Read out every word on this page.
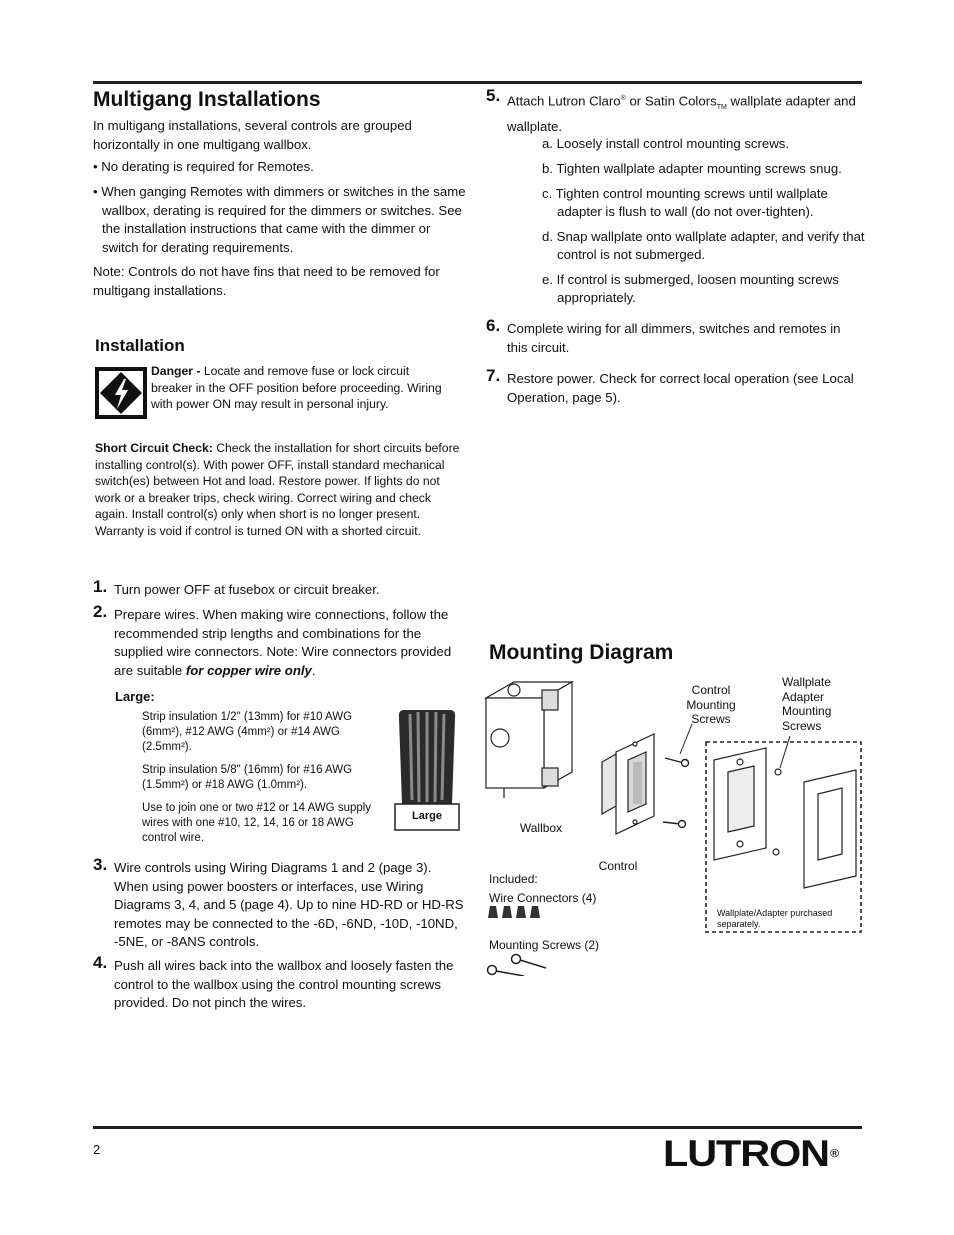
Multigang Installations
In multigang installations, several controls are grouped horizontally in one multigang wallbox.
• No derating is required for Remotes.
• When ganging Remotes with dimmers or switches in the same wallbox, derating is required for the dimmers or switches. See the installation instructions that came with the dimmer or switch for derating requirements.
Note: Controls do not have fins that need to be removed for multigang installations.
Installation
Danger - Locate and remove fuse or lock circuit breaker in the OFF position before proceeding. Wiring with power ON may result in personal injury.
Short Circuit Check: Check the installation for short circuits before installing control(s). With power OFF, install standard mechanical switch(es) between Hot and load. Restore power. If lights do not work or a breaker trips, check wiring. Correct wiring and check again. Install control(s) only when short is no longer present. Warranty is void if control is turned ON with a shorted circuit.
1. Turn power OFF at fusebox or circuit breaker.
2. Prepare wires. When making wire connections, follow the recommended strip lengths and combinations for the supplied wire connectors. Note: Wire connectors provided are suitable for copper wire only.
Large:
Strip insulation 1/2" (13mm) for #10 AWG (6mm²), #12 AWG (4mm²) or #14 AWG (2.5mm²).
Strip insulation 5/8" (16mm) for #16 AWG (1.5mm²) or #18 AWG (1.0mm²).
Use to join one or two #12 or 14 AWG supply wires with one #10, 12, 14, 16 or 18 AWG control wire.
Large
3. Wire controls using Wiring Diagrams 1 and 2 (page 3). When using power boosters or interfaces, use Wiring Diagrams 3, 4, and 5 (page 4). Up to nine HD-RD or HD-RS remotes may be connected to the -6D, -6ND, -10D, -10ND, -5NE, or -8ANS controls.
4. Push all wires back into the wallbox and loosely fasten the control to the wallbox using the control mounting screws provided. Do not pinch the wires.
5. Attach Lutron Claro® or Satin Colors$_{TM}$ wallplate adapter and wallplate.
a. Loosely install control mounting screws.
b. Tighten wallplate adapter mounting screws snug.
c. Tighten control mounting screws until wallplate adapter is flush to wall (do not over-tighten).
d. Snap wallplate onto wallplate adapter, and verify that control is not submerged.
e. If control is submerged, loosen mounting screws appropriately.
6. Complete wiring for all dimmers, switches and remotes in this circuit.
7. Restore power. Check for correct local operation (see Local Operation, page 5).
Mounting Diagram
Control Mounting Screws
Wallplate Adapter Mounting Screws
Wallbox
Control
Included:
Wire Connectors (4)
Mounting Screws (2)
Wallplate/Adapter purchased separately.
2	LUTRON®
